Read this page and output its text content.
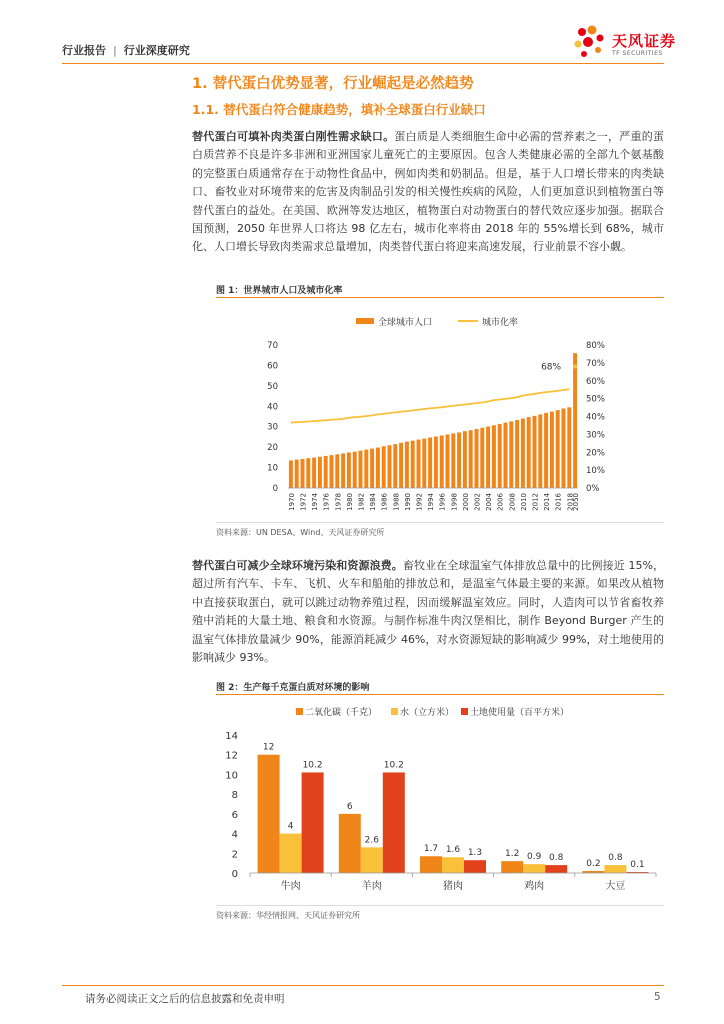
行业报告 | 行业深度研究
天风证券
TF SECURITIES
1. 替代蛋白优势显著，行业崛起是必然趋势
1.1. 替代蛋白符合健康趋势，填补全球蛋白行业缺口
替代蛋白可填补肉类蛋白刚性需求缺口。蛋白质是人类细胞生命中必需的营养素之一，严重的蛋白质营养不良是许多非洲和亚洲国家儿童死亡的主要原因。包含人类健康必需的全部九个氨基酸的完整蛋白质通常存在于动物性食品中，例如肉类和奶制品。但是，基于人口增长带来的肉类缺口、畜牧业对环境带来的危害及肉制品引发的相关慢性疾病的风险，人们更加意识到植物蛋白等替代蛋白的益处。在美国、欧洲等发达地区，植物蛋白对动物蛋白的替代效应逐步加强。据联合国预测，2050 年世界人口将达 98 亿左右，城市化率将由 2018 年的 55%增长到 68%，城市化、人口增长导致肉类需求总量增加，肉类替代蛋白将迎来高速发展，行业前景不容小觑。
图 1：世界城市人口及城市化率
全球城市人口	城市化率
0
10
20
30
40
50
60
70
0%
10%
20%
30%
40%
50%
60%
70%
80%
68%
1970 1972 1974 1976 1978 1980 1982 1984 1986 1988 1990 1992 1994 1996 1998 2000 2002 2004 2006 2008 2010 2012 2014 2016 2018
2050
资料来源：UN DESA、Wind、天风证券研究所
替代蛋白可减少全球环境污染和资源浪费。畜牧业在全球温室气体排放总量中的比例接近 15%，超过所有汽车、卡车、飞机、火车和船舶的排放总和，是温室气体最主要的来源。如果改从植物中直接获取蛋白，就可以跳过动物养殖过程，因而缓解温室效应。同时，人造肉可以节省畜牧养殖中消耗的大量土地、粮食和水资源。与制作标准牛肉汉堡相比，制作 Beyond Burger 产生的温室气体排放量减少 90%，能源消耗减少 46%，对水资源短缺的影响减少 99%，对土地使用的影响减少 93%。
图 2：生产每千克蛋白质对环境的影响
二氧化碳（千克）	水（立方米） 土地使用量（百平方米）
0
2
4
6
8
10
12
14
12
4
10.2
牛肉
6
2.6
10.2
羊肉
1.7 1.6 1.3
猪肉
1.2 0.9 0.8
鸡肉
0.2
0.8
0.1
大豆
资料来源：华经情报网、天风证券研究所
请务必阅读正文之后的信息披露和免责申明	5
